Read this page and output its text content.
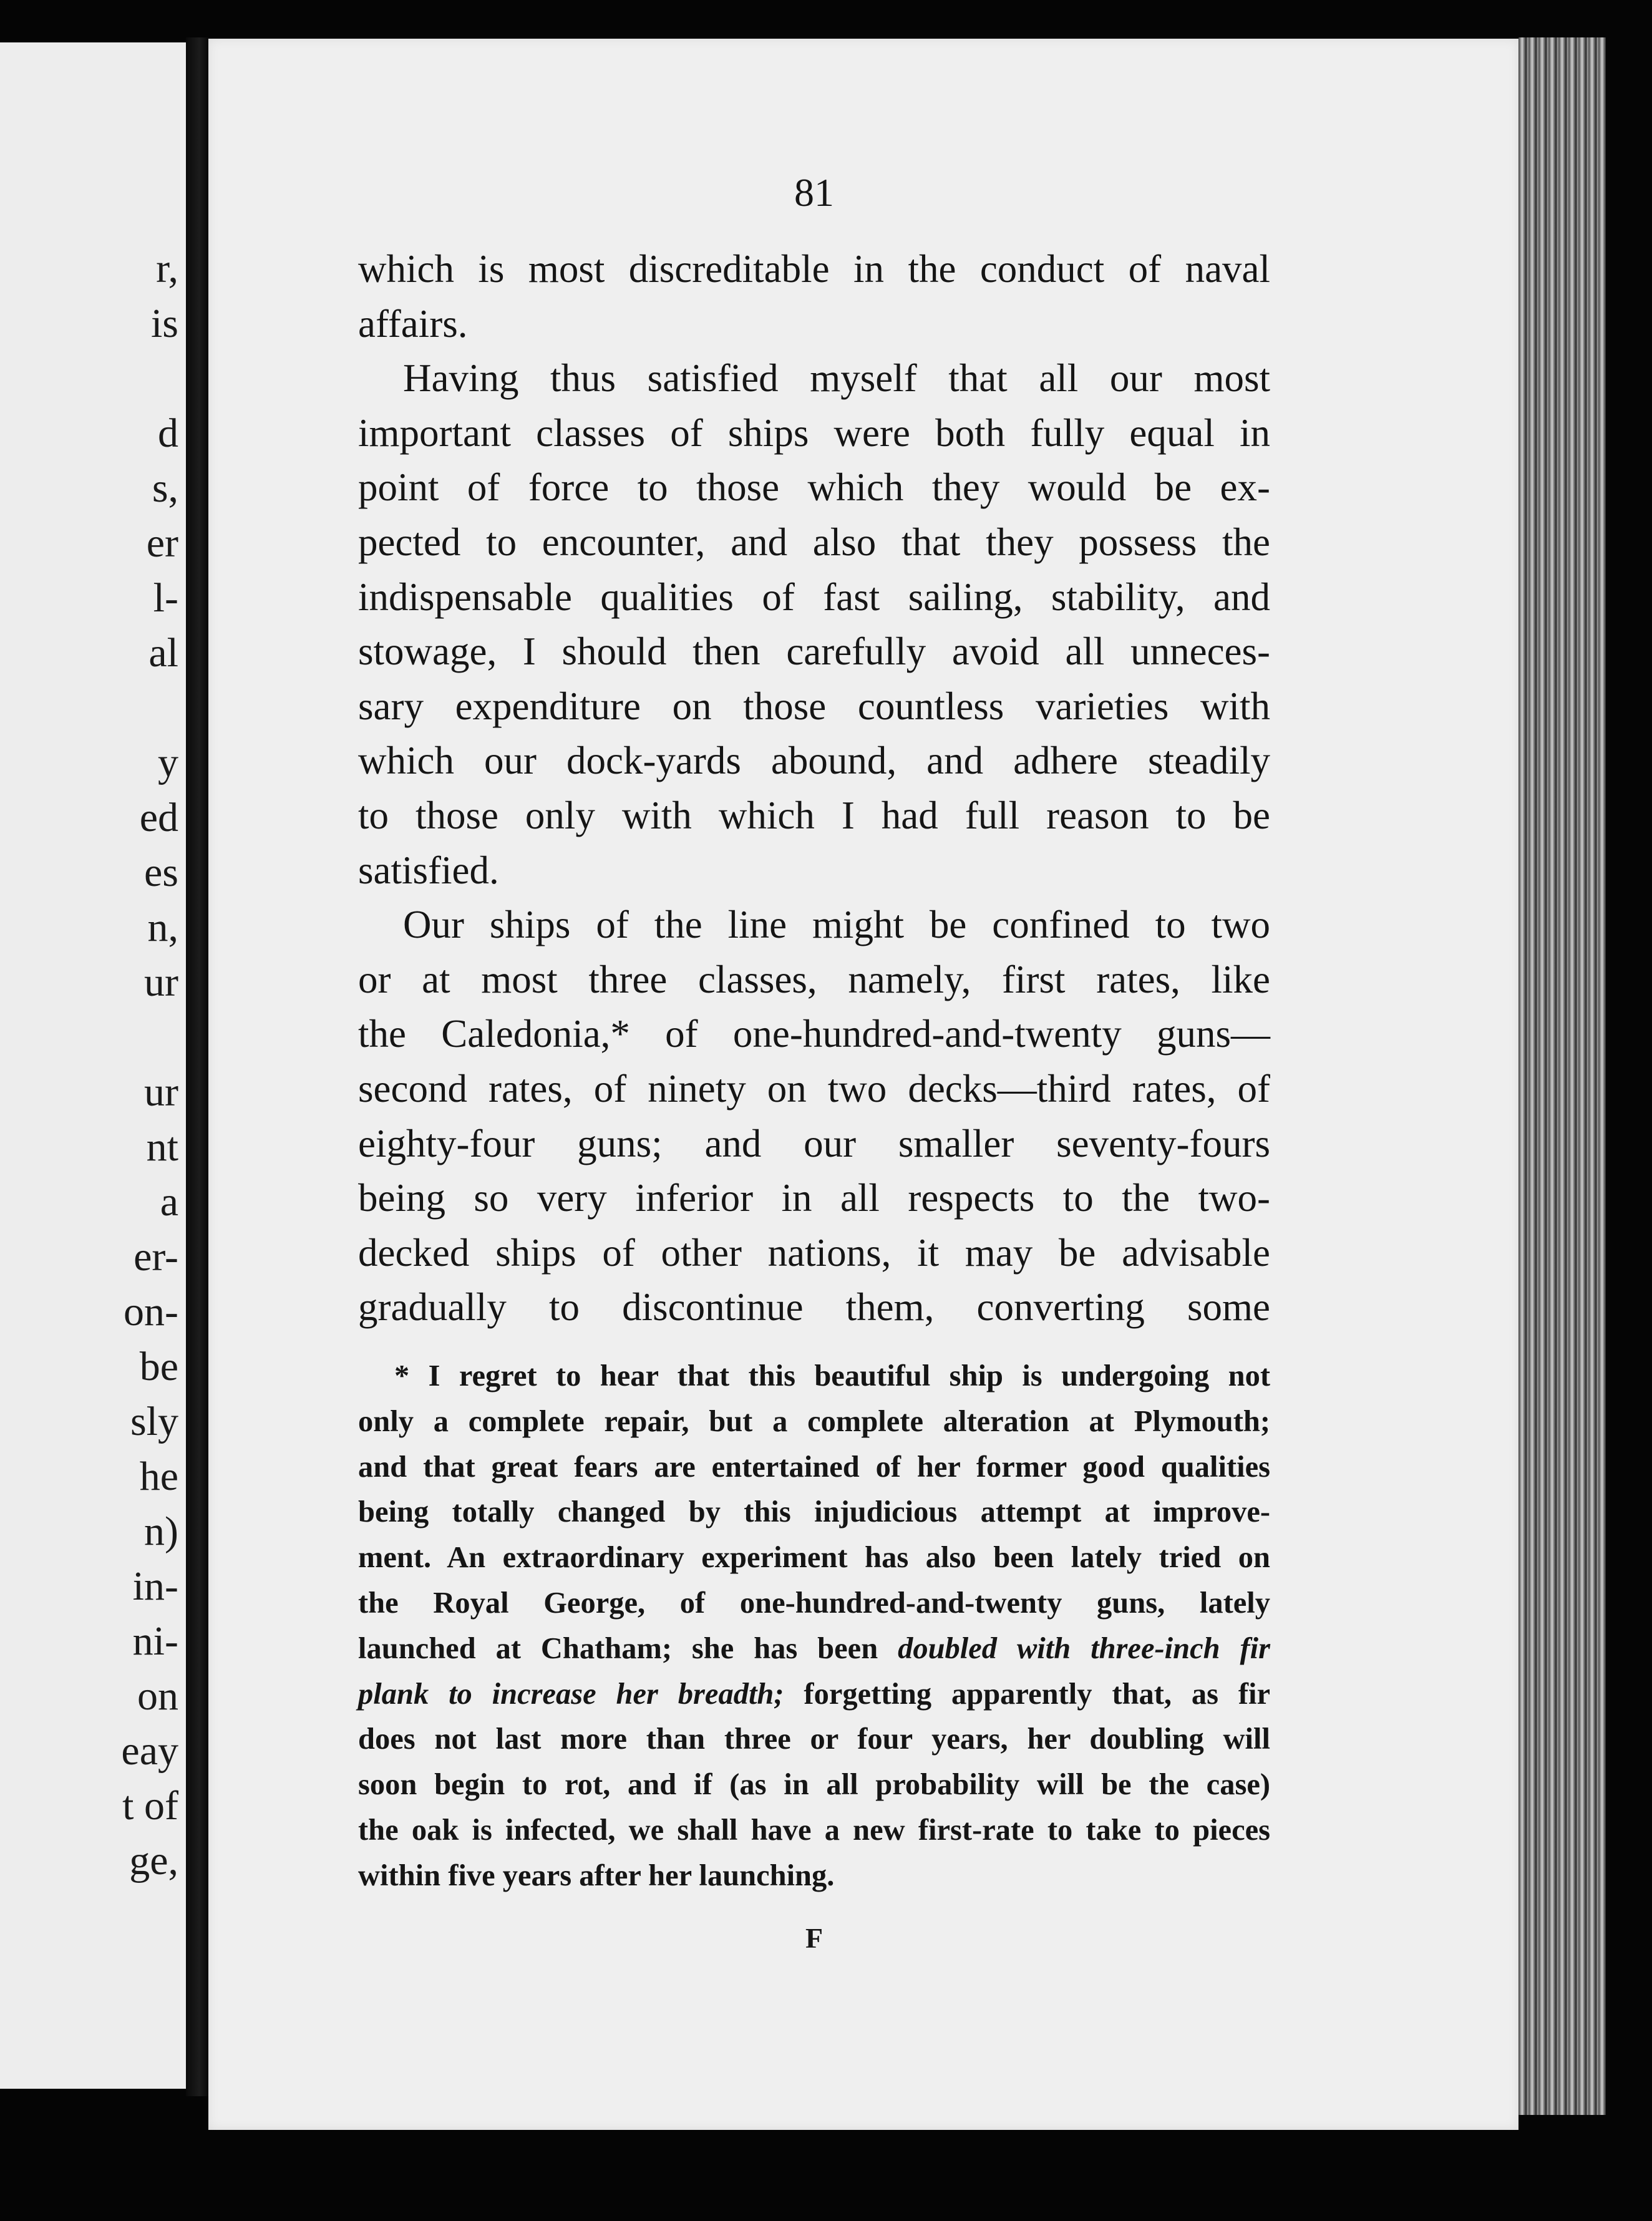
r,
is
d
s,
er
l-
al
y
ed
es
n,
ur
ur
nt
a
er-
on-
be
sly
he
n)
in-
ni-
on
eay
t of
ge,
81
which is most discreditable in the conduct of naval
affairs.
Having thus satisfied myself that all our most
important classes of ships were both fully equal in
point of force to those which they would be ex-
pected to encounter, and also that they possess the
indispensable qualities of fast sailing, stability, and
stowage, I should then carefully avoid all unneces-
sary expenditure on those countless varieties with
which our dock-yards abound, and adhere steadily
to those only with which I had full reason to be
satisfied.
Our ships of the line might be confined to two
or at most three classes, namely, first rates, like
the Caledonia,* of one-hundred-and-twenty guns—
second rates, of ninety on two decks—third rates, of
eighty-four guns; and our smaller seventy-fours
being so very inferior in all respects to the two-
decked ships of other nations, it may be advisable
gradually to discontinue them, converting some
* I regret to hear that this beautiful ship is undergoing not
only a complete repair, but a complete alteration at Plymouth;
and that great fears are entertained of her former good qualities
being totally changed by this injudicious attempt at improve-
ment. An extraordinary experiment has also been lately tried on
the Royal George, of one-hundred-and-twenty guns, lately
launched at Chatham; she has been doubled with three-inch fir
plank to increase her breadth; forgetting apparently that, as fir
does not last more than three or four years, her doubling will
soon begin to rot, and if (as in all probability will be the case)
the oak is infected, we shall have a new first-rate to take to pieces
within five years after her launching.
F
